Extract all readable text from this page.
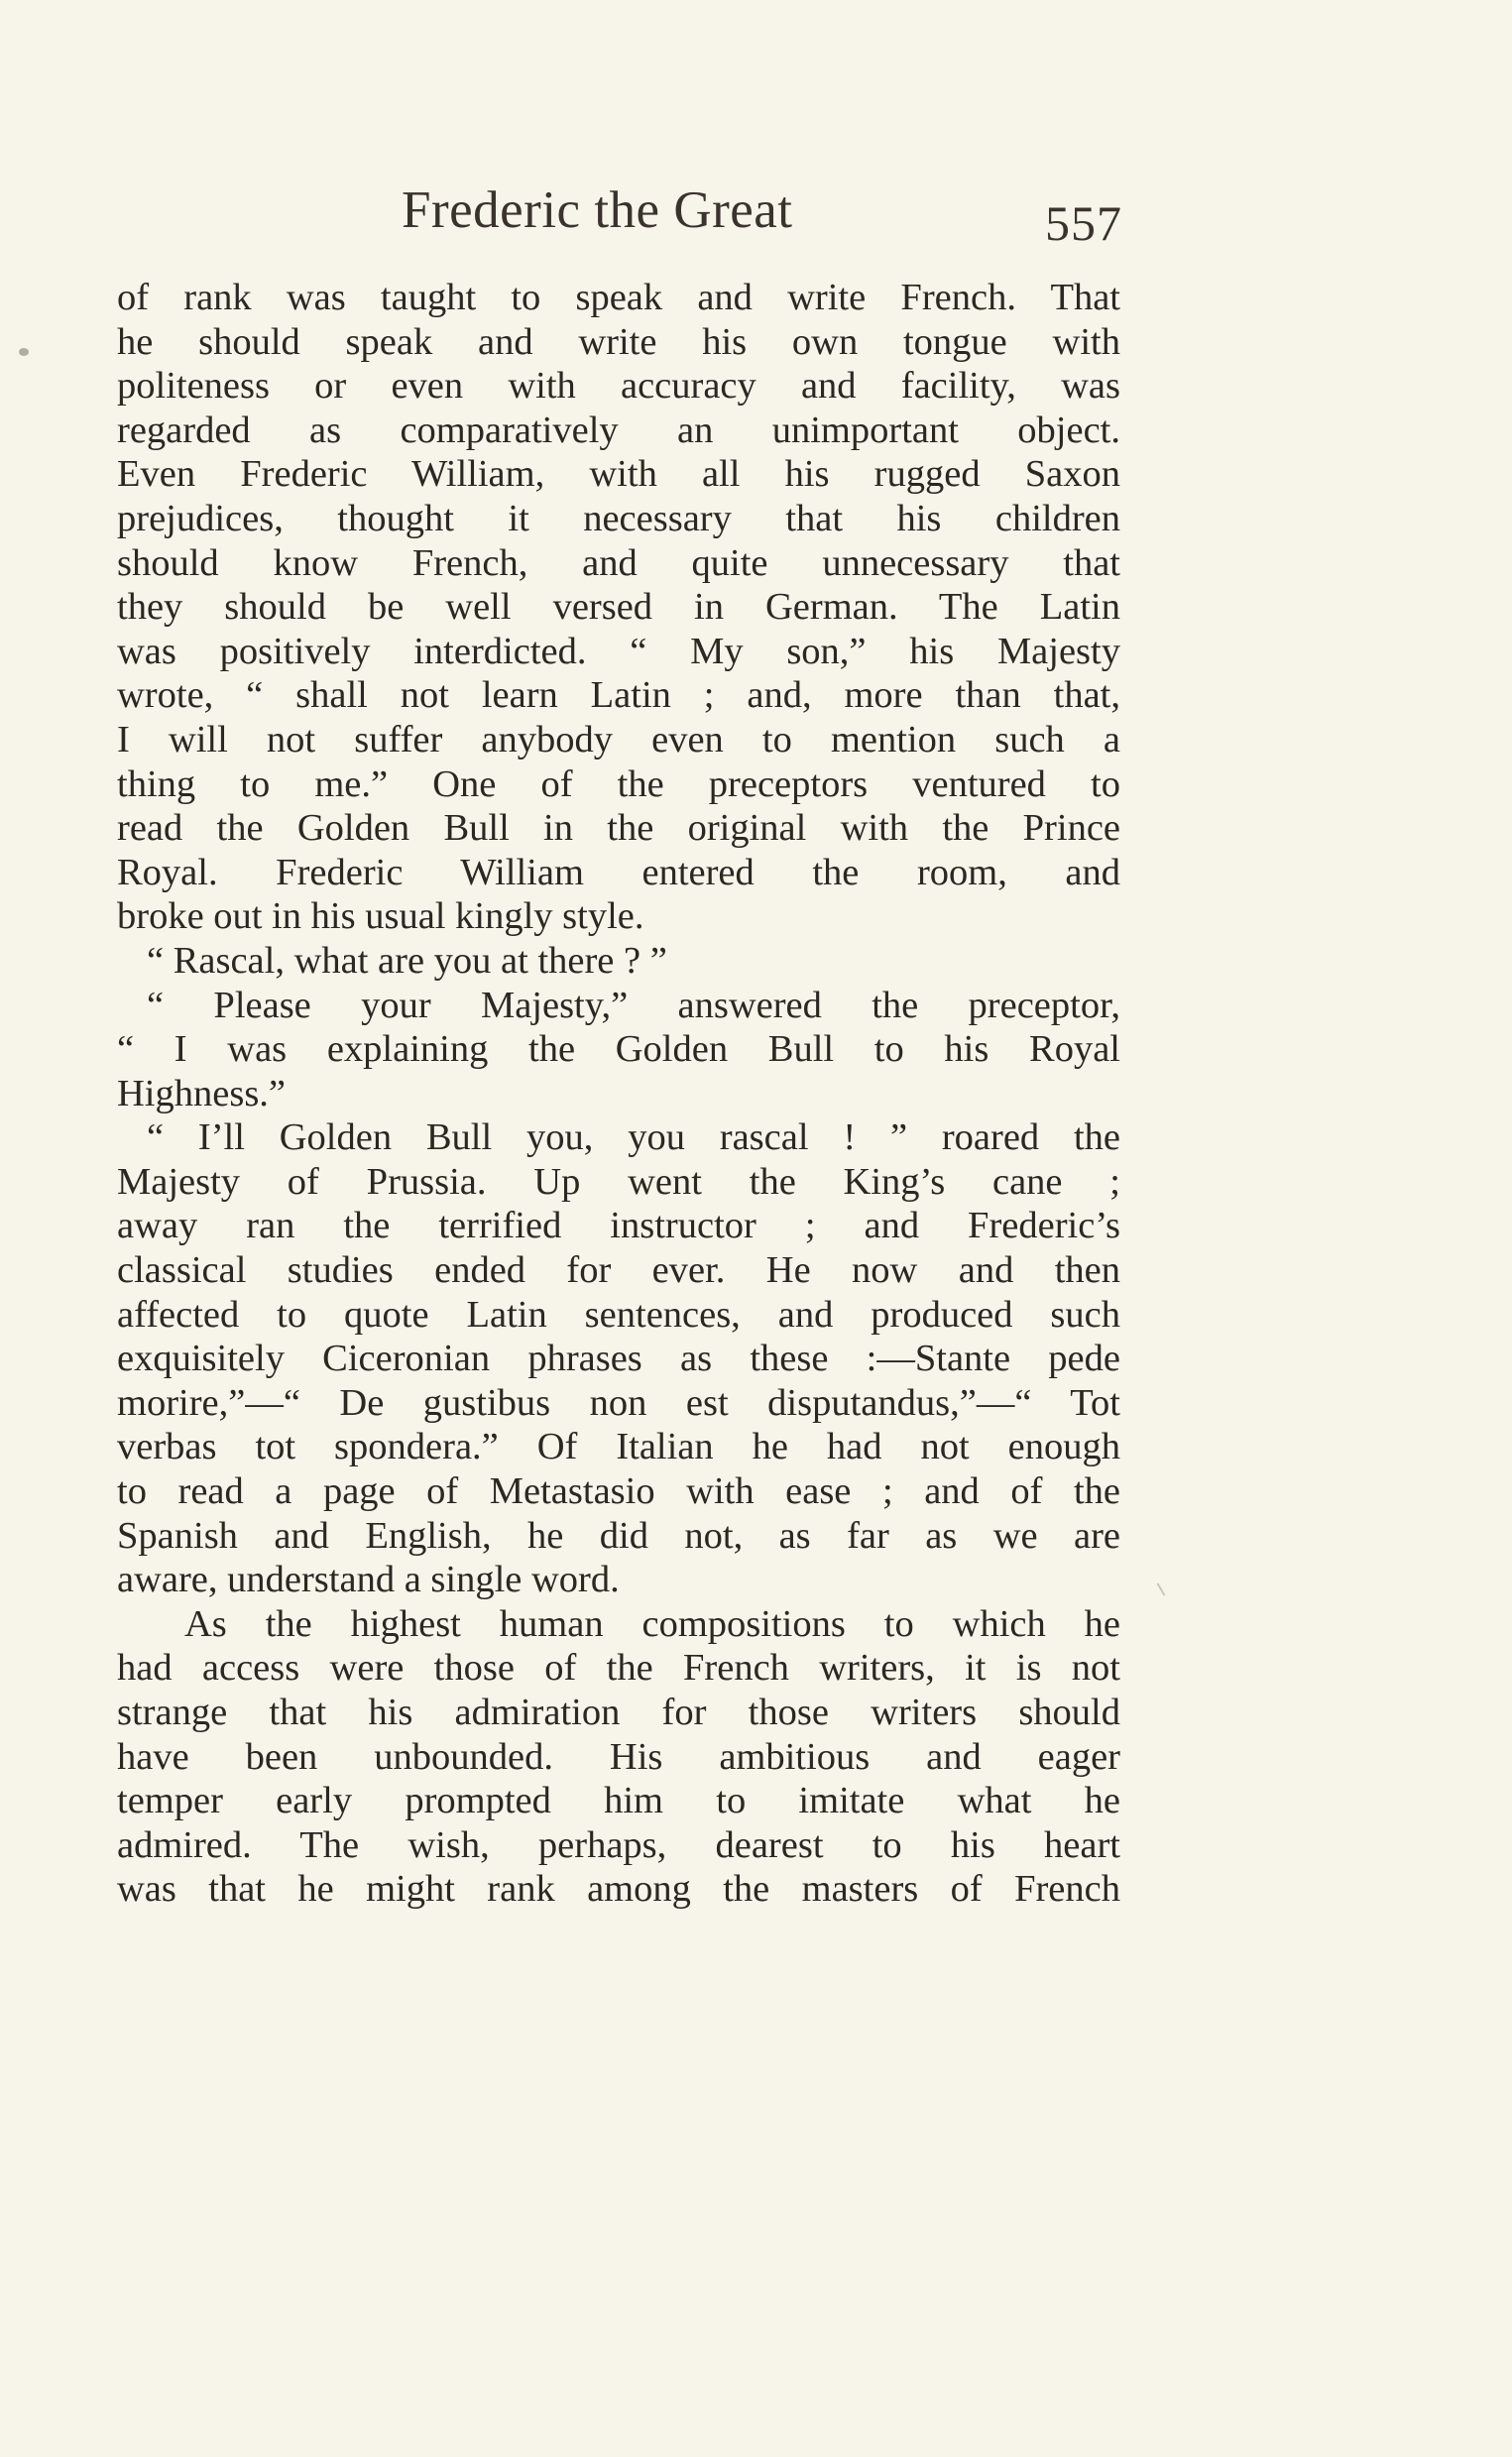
Frederic the Great	557
of rank was taught to speak and write French. That
he should speak and write his own tongue with
politeness or even with accuracy and facility, was
regarded as comparatively an unimportant object.
Even Frederic William, with all his rugged Saxon
prejudices, thought it necessary that his children
should know French, and quite unnecessary that
they should be well versed in German. The Latin
was positively interdicted. “ My son,” his Majesty
wrote, “ shall not learn Latin ; and, more than that,
I will not suffer anybody even to mention such a
thing to me.” One of the preceptors ventured to
read the Golden Bull in the original with the Prince
Royal. Frederic William entered the room, and
broke out in his usual kingly style.
“ Rascal, what are you at there ? ”
“ Please your Majesty,” answered the preceptor,
“ I was explaining the Golden Bull to his Royal
Highness.”
“ I’ll Golden Bull you, you rascal ! ” roared the
Majesty of Prussia. Up went the King’s cane ;
away ran the terrified instructor ; and Frederic’s
classical studies ended for ever. He now and then
affected to quote Latin sentences, and produced such
exquisitely Ciceronian phrases as these :—Stante pede
morire,”—“ De gustibus non est disputandus,”—“ Tot
verbas tot spondera.” Of Italian he had not enough
to read a page of Metastasio with ease ; and of the
Spanish and English, he did not, as far as we are
aware, understand a single word.
As the highest human compositions to which he
had access were those of the French writers, it is not
strange that his admiration for those writers should
have been unbounded. His ambitious and eager
temper early prompted him to imitate what he
admired. The wish, perhaps, dearest to his heart
was that he might rank among the masters of French
